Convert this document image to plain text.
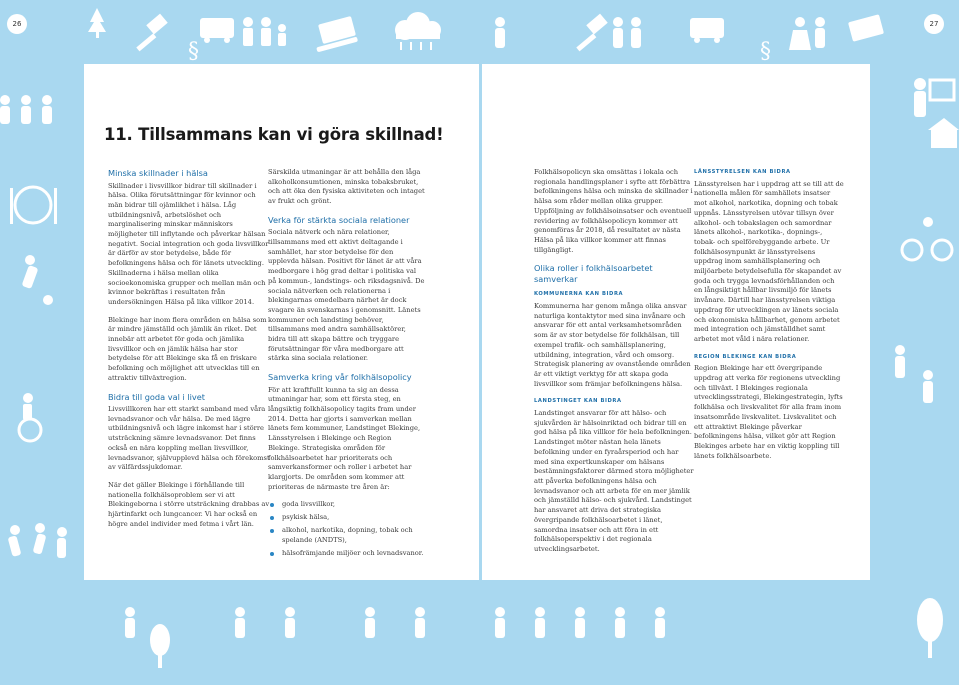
§	§
26	27
11. Tillsammans kan vi göra skillnad!
Minska skillnader i hälsa

Skillnader i livsvillkor bidrar till skillnader i hälsa. Olika förutsättningar för kvinnor och män bidrar till ojämlikhet i hälsa. Låg utbildningsnivå, arbetslöshet och marginalisering minskar människors möjligheter till inflytande och påverkar hälsan negativt. Social integration och goda livsvillkor är därför av stor betydelse, både för befolkningens hälsa och för länets utveckling. Skillnaderna i hälsa mellan olika socioekonomiska grupper och mellan män och kvinnor bekräftas i resultaten från undersökningen Hälsa på lika villkor 2014.

Blekinge har inom flera områden en hälsa som är mindre jämställd och jämlik än riket. Det innebär att arbetet för goda och jämlika livsvillkor och en jämlik hälsa har stor betydelse för att Blekinge ska få en friskare befolkning och möjlighet att utvecklas till en attraktiv tillväxtregion.

Bidra till goda val i livet

Livsvillkoren har ett starkt samband med våra levnadsvanor och vår hälsa. De med lägre utbildningsnivå och lägre inkomst har i större utsträckning sämre levnadsvanor. Det finns också en nära koppling mellan livsvillkor, levnadsvanor, självupplevd hälsa och förekomst av välfärdssjukdomar.

När det gäller Blekinge i förhållande till nationella folkhälsoproblem ser vi att Blekingeborna i större utsträckning drabbas av hjärtinfarkt och lungcancer. Vi har också en högre andel individer med fetma i vårt län.

Särskilda utmaningar är att behålla den låga alkoholkonsumtionen, minska tobaksbruket, och att öka den fysiska aktiviteten och intaget av frukt och grönt.

Verka för stärkta sociala relationer

Sociala nätverk och nära relationer, tillsammans med ett aktivt deltagande i samhället, har stor betydelse för den upplevda hälsan. Positivt för länet är att våra medborgare i hög grad deltar i politiska val på kommun-, landstings- och riksdagsnivå. De sociala nätverken och relationerna i blekingarnas omedelbara närhet är dock svagare än svenskarnas i genomsnitt. Länets kommuner och landsting behöver, tillsammans med andra samhällsaktörer, bidra till att skapa bättre och tryggare förutsättningar för våra medborgare att stärka sina sociala relationer.

Samverka kring vår folkhälsopolicy

För att kraftfullt kunna ta sig an dessa utmaningar har, som ett första steg, en långsiktig folkhälsopolicy tagits fram under 2014. Detta har gjorts i samverkan mellan länets fem kommuner, Landstinget Blekinge, Länsstyrelsen i Blekinge och Region Blekinge. Strategiska områden för folkhälsoarbetet har prioriterats och samverkansformer och roller i arbetet har klargjorts. De områden som kommer att prioriteras de närmaste tre åren är:

goda livsvillkor,
psykisk hälsa,
alkohol, narkotika, dopning, tobak och spelande (ANDTS),
hälsofrämjande miljöer och levnadsvanor.

Folkhälsopolicyn ska omsättas i lokala och regionala handlingsplaner i syfte att förbättra befolkningens hälsa och minska de skillnader i hälsa som råder mellan olika grupper. Uppföljning av folkhälsoinsatser och eventuell revidering av folkhälsopolicyn kommer att genomföras år 2018, då resultatet av nästa Hälsa på lika villkor kommer att finnas tillgängligt.

Olika roller i folkhälsoarbetet samverkar
KOMMUNERNA KAN BIDRA

Kommunerna har genom många olika ansvar naturliga kontaktytor med sina invånare och ansvarar för ett antal verksamhetsområden som är av stor betydelse för folkhälsan, till exempel trafik- och samhällsplanering, utbildning, integration, vård och omsorg. Strategisk planering av ovanstående områden är ett viktigt verktyg för att skapa goda livsvillkor som främjar befolkningens hälsa.

LANDSTINGET KAN BIDRA

Landstinget ansvarar för att hälso- och sjukvården är hälsoinriktad och bidrar till en god hälsa på lika villkor för hela befolkningen. Landstinget möter nästan hela länets befolkning under en fyraårsperiod och har med sina expertkunskaper om hälsans bestämningsfaktorer därmed stora möjligheter att påverka befolkningens hälsa och levnadsvanor och att arbeta för en mer jämlik och jämställd hälso- och sjukvård. Landstinget har ansvaret att driva det strategiska övergripande folkhälsoarbetet i länet, samordna insatser och att föra in ett folkhälsoperspektiv i det regionala utvecklingsarbetet.

LÄNSSTYRELSEN KAN BIDRA

Länsstyrelsen har i uppdrag att se till att de nationella målen för samhällets insatser mot alkohol, narkotika, dopning och tobak uppnås. Länsstyrelsen utövar tillsyn över alkohol- och tobakslagen och samordnar länets alkohol-, narkotika-, dopnings-, tobak- och spelförebyggande arbete. Ur folkhälsosynpunkt är länsstyrelsens uppdrag inom samhällsplanering och miljöarbete betydelsefulla för skapandet av goda och trygga levnadsförhållanden och en långsiktigt hållbar livsmiljö för länets invånare. Därtill har länsstyrelsen viktiga uppdrag för utvecklingen av länets sociala och ekonomiska hållbarhet, genom arbetet med integration och jämställdhet samt arbetet mot våld i nära relationer.

REGION BLEKINGE KAN BIDRA

Region Blekinge har ett övergripande uppdrag att verka för regionens utveckling och tillväxt. I Blekinges regionala utvecklingsstrategi, Blekingestrategin, lyfts folkhälsa och livskvalitet för alla fram inom insatsområde livskvalitet. Livskvalitet och ett attraktivt Blekinge påverkar befolkningens hälsa, vilket gör att Region Blekinges arbete har en viktig koppling till länets folkhälsoarbete.
